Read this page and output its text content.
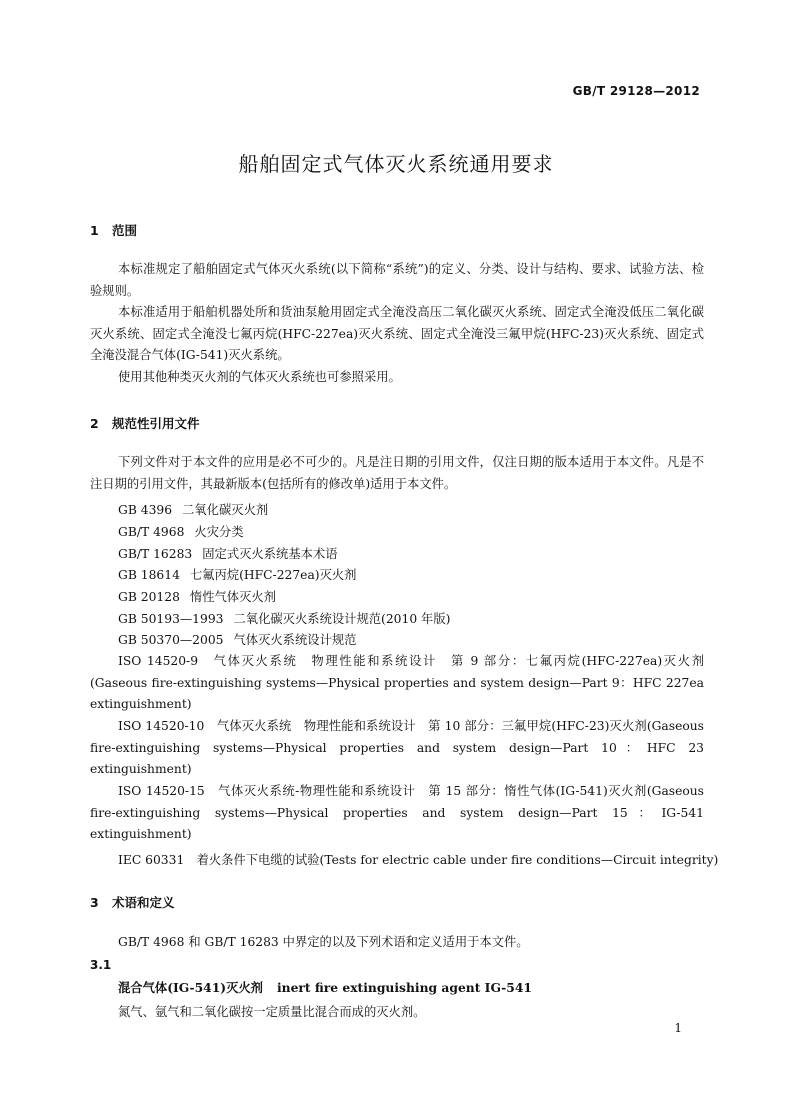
GB/T 29128—2012
船舶固定式气体灭火系统通用要求
1 范围
本标准规定了船舶固定式气体灭火系统(以下简称“系统”)的定义、分类、设计与结构、要求、试验方法、检验规则。
本标准适用于船舶机器处所和货油泵舱用固定式全淹没高压二氧化碳灭火系统、固定式全淹没低压二氧化碳灭火系统、固定式全淹没七氟丙烷(HFC-227ea)灭火系统、固定式全淹没三氟甲烷(HFC-23)灭火系统、固定式全淹没混合气体(IG-541)灭火系统。
使用其他种类灭火剂的气体灭火系统也可参照采用。
2 规范性引用文件
下列文件对于本文件的应用是必不可少的。凡是注日期的引用文件，仅注日期的版本适用于本文件。凡是不注日期的引用文件，其最新版本(包括所有的修改单)适用于本文件。
GB 4396 二氧化碳灭火剂
GB/T 4968 火灾分类
GB/T 16283 固定式灭火系统基本术语
GB 18614 七氟丙烷(HFC-227ea)灭火剂
GB 20128 惰性气体灭火剂
GB 50193—1993 二氧化碳灭火系统设计规范(2010 年版)
GB 50370—2005 气体灭火系统设计规范
ISO 14520-9　气体灭火系统　物理性能和系统设计　第 9 部分：七氟丙烷(HFC-227ea)灭火剂(Gaseous fire-extinguishing systems—Physical properties and system design—Part 9：HFC 227ea extinguishment)
ISO 14520-10　气体灭火系统　物理性能和系统设计　第 10 部分：三氟甲烷(HFC-23)灭火剂(Gaseous fire-extinguishing systems—Physical properties and system design—Part 10：HFC 23 extinguishment)
ISO 14520-15　气体灭火系统-物理性能和系统设计　第 15 部分：惰性气体(IG-541)灭火剂(Gaseous fire-extinguishing systems—Physical properties and system design—Part 15：IG-541 extinguishment)
IEC 60331　着火条件下电缆的试验(Tests for electric cable under fire conditions—Circuit integrity)
3 术语和定义
GB/T 4968 和 GB/T 16283 中界定的以及下列术语和定义适用于本文件。
3.1
混合气体(IG-541)灭火剂 inert fire extinguishing agent IG-541
氮气、氩气和二氧化碳按一定质量比混合而成的灭火剂。
1
